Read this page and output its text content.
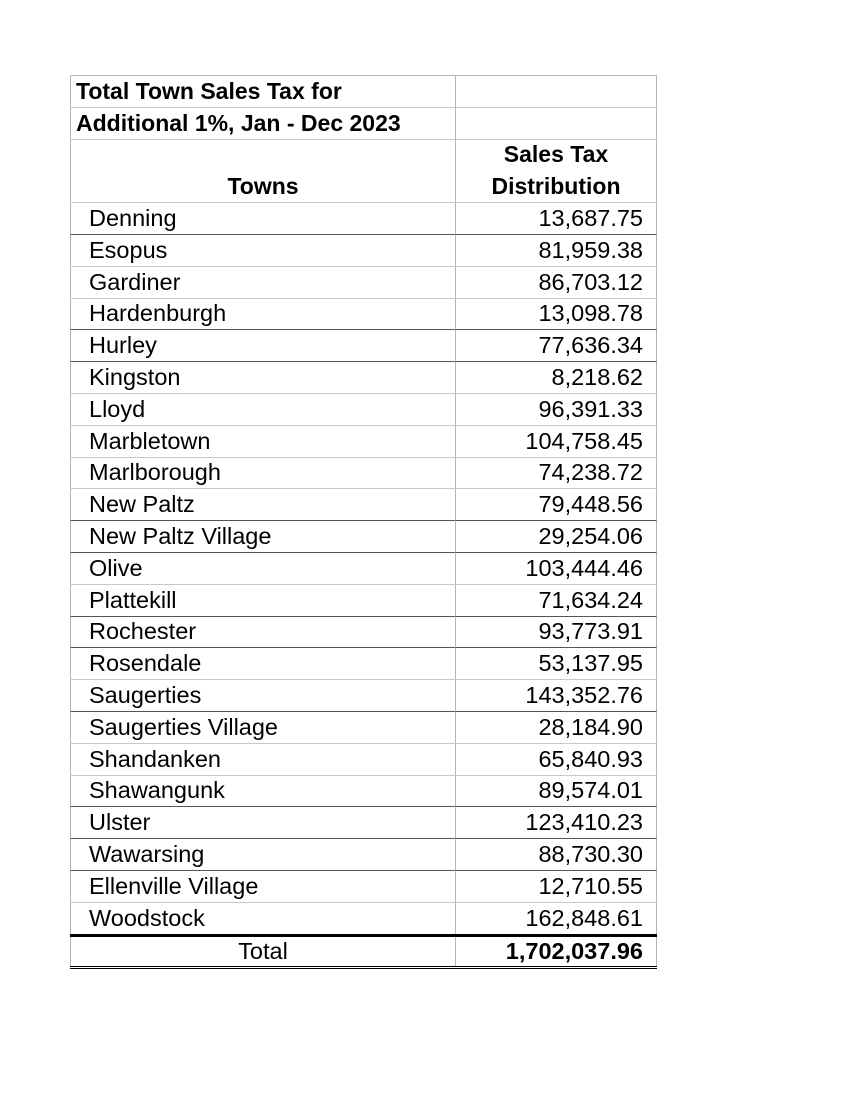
Total Town Sales Tax for
Additional 1%, Jan - Dec 2023
Sales Tax
Towns	Distribution
Denning	13,687.75
Esopus	81,959.38
Gardiner	86,703.12
Hardenburgh	13,098.78
Hurley	77,636.34
Kingston	8,218.62
Lloyd	96,391.33
Marbletown	104,758.45
Marlborough	74,238.72
New Paltz	79,448.56
New Paltz Village	29,254.06
Olive	103,444.46
Plattekill	71,634.24
Rochester	93,773.91
Rosendale	53,137.95
Saugerties	143,352.76
Saugerties Village	28,184.90
Shandanken	65,840.93
Shawangunk	89,574.01
Ulster	123,410.23
Wawarsing	88,730.30
Ellenville Village	12,710.55
Woodstock	162,848.61
Total	1,702,037.96
